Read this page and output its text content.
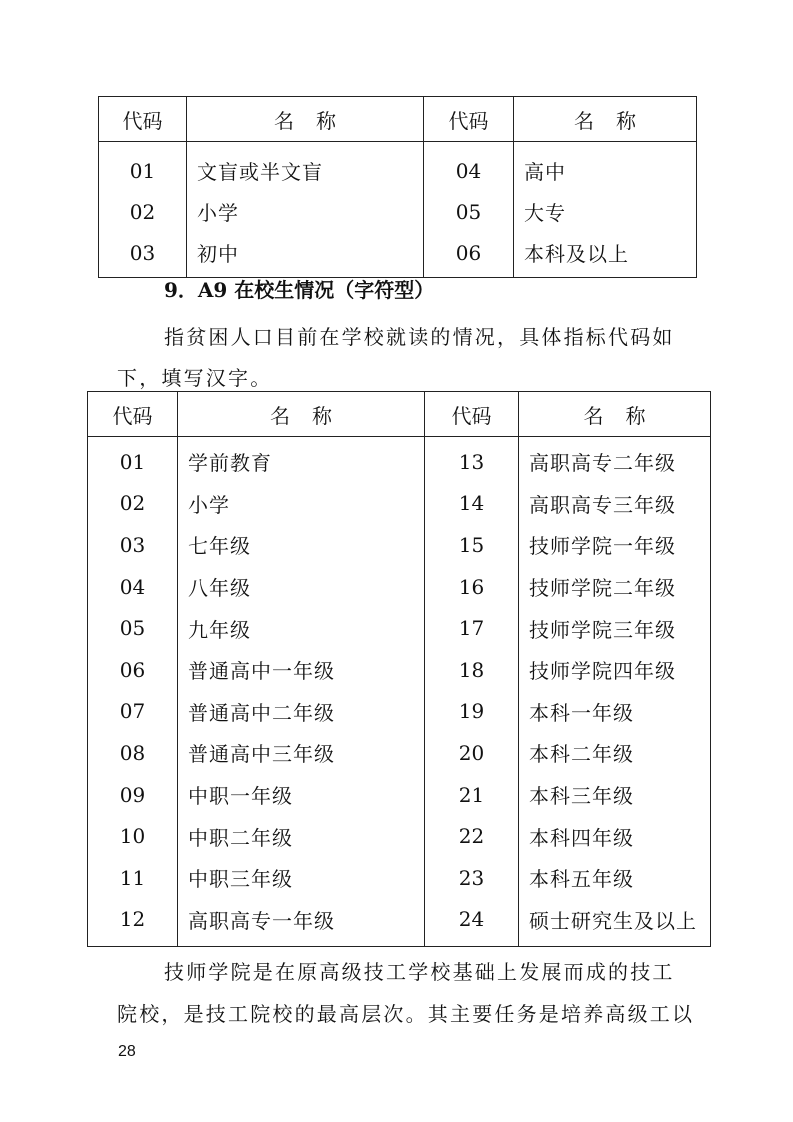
代码	名称	代码	名称
01	文盲或半文盲	04	高中
02	小学	05	大专
03	初中	06	本科及以上
9．A9 在校生情况（字符型）
指贫困人口目前在学校就读的情况，具体指标代码如
下，填写汉字。
代码	名称	代码	名称
01	学前教育	13	高职高专二年级
02	小学	14	高职高专三年级
03	七年级	15	技师学院一年级
04	八年级	16	技师学院二年级
05	九年级	17	技师学院三年级
06	普通高中一年级	18	技师学院四年级
07	普通高中二年级	19	本科一年级
08	普通高中三年级	20	本科二年级
09	中职一年级	21	本科三年级
10	中职二年级	22	本科四年级
11	中职三年级	23	本科五年级
12	高职高专一年级	24	硕士研究生及以上
技师学院是在原高级技工学校基础上发展而成的技工
院校，是技工院校的最高层次。其主要任务是培养高级工以
28
